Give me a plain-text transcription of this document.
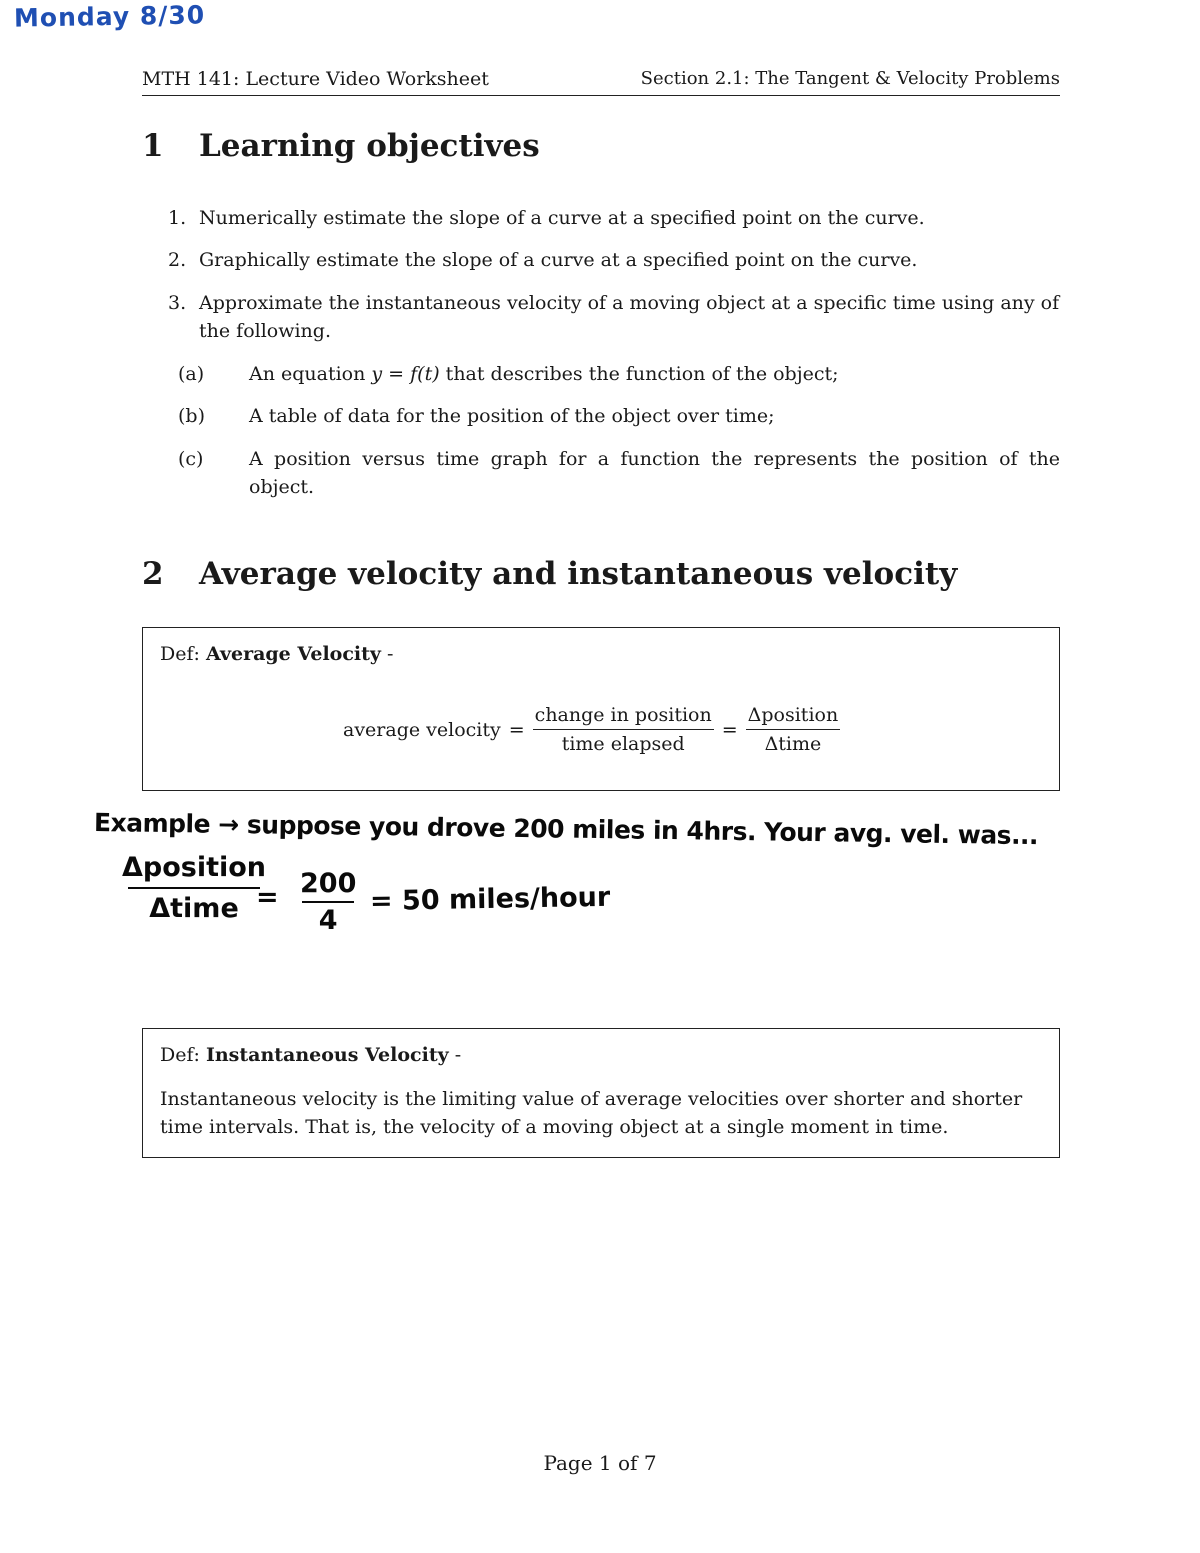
Monday 8/30
MTH 141: Lecture Video Worksheet	Section 2.1: The Tangent & Velocity Problems
1 Learning objectives
1. Numerically estimate the slope of a curve at a specified point on the curve.
2. Graphically estimate the slope of a curve at a specified point on the curve.
3. Approximate the instantaneous velocity of a moving object at a specific time using any of the following.
(a)	An equation y = f(t) that describes the function of the object;
(b)	A table of data for the position of the object over time;
(c)	A position versus time graph for a function the represents the position of the object.
2 Average velocity and instantaneous velocity
Def: Average Velocity -
average velocity = $\frac{\text{change in position}}{\text{time elapsed}} = \frac{\text{Δposition}}{\text{Δtime}}$
Example → suppose you drove 200 miles in 4hrs. Your avg. vel. was...
Δposition
Δtime = $\frac{200}{4} = 50$ miles/hour
Def: Instantaneous Velocity -
Instantaneous velocity is the limiting value of average velocities over shorter and shorter time intervals. That is, the velocity of a moving object at a single moment in time.
Page 1 of 7
